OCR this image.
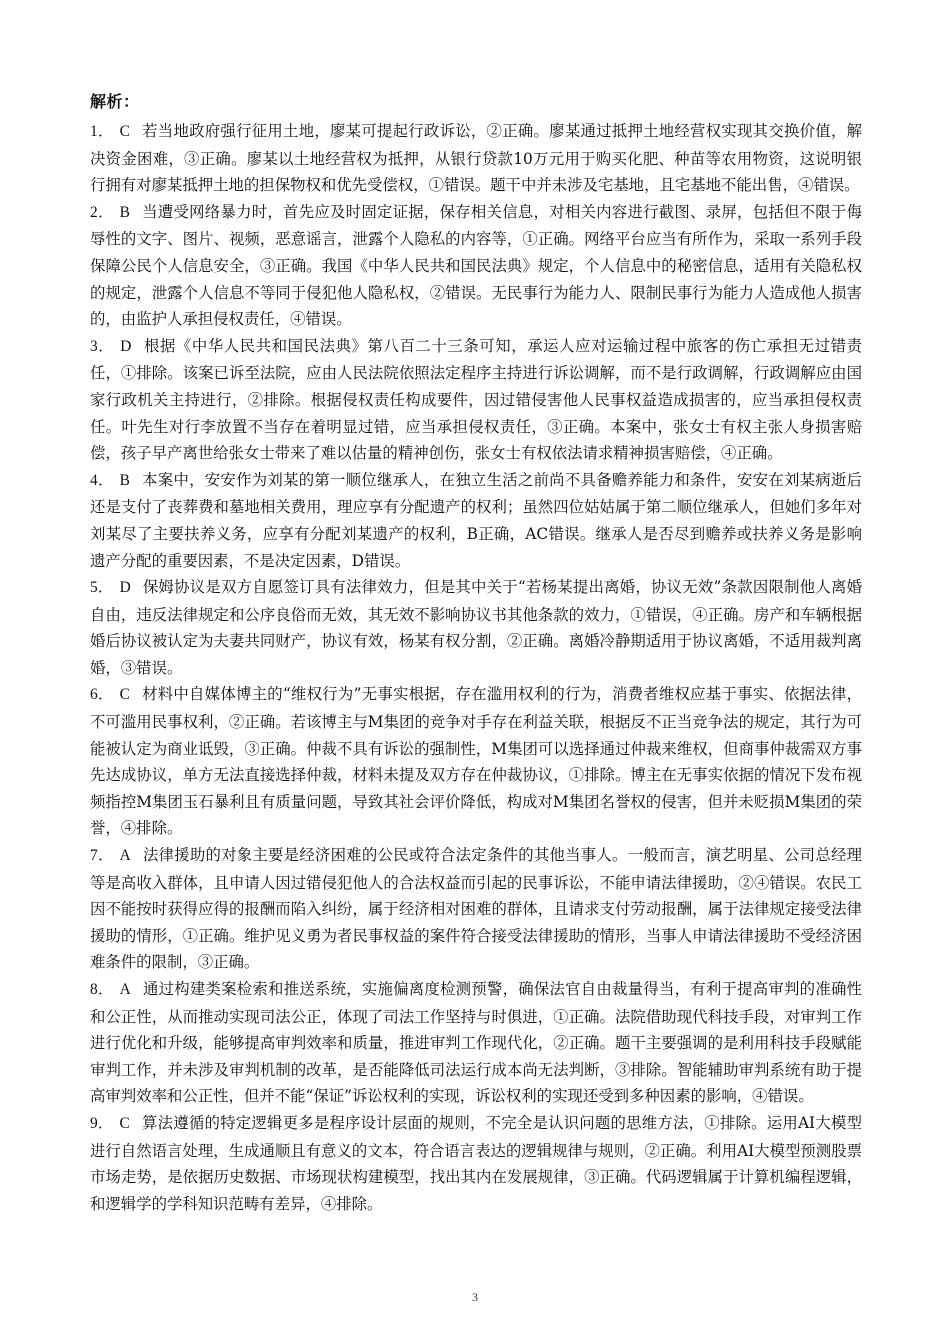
解析：

1． C 若当地政府强行征用土地，廖某可提起行政诉讼，②正确。廖某通过抵押土地经营权实现其交换价值，解决资金困难，③正确。廖某以土地经营权为抵押，从银行贷款10万元用于购买化肥、种苗等农用物资，这说明银行拥有对廖某抵押土地的担保物权和优先受偿权，①错误。题干中并未涉及宅基地，且宅基地不能出售，④错误。

2． B 当遭受网络暴力时，首先应及时固定证据，保存相关信息，对相关内容进行截图、录屏，包括但不限于侮辱性的文字、图片、视频，恶意谣言，泄露个人隐私的内容等，①正确。网络平台应当有所作为，采取一系列手段保障公民个人信息安全，③正确。我国《中华人民共和国民法典》规定，个人信息中的秘密信息，适用有关隐私权的规定，泄露个人信息不等同于侵犯他人隐私权，②错误。无民事行为能力人、限制民事行为能力人造成他人损害的，由监护人承担侵权责任，④错误。

3． D 根据《中华人民共和国民法典》第八百二十三条可知，承运人应对运输过程中旅客的伤亡承担无过错责任，①排除。该案已诉至法院，应由人民法院依照法定程序主持进行诉讼调解，而不是行政调解，行政调解应由国家行政机关主持进行，②排除。根据侵权责任构成要件，因过错侵害他人民事权益造成损害的，应当承担侵权责任。叶先生对行李放置不当存在着明显过错，应当承担侵权责任，③正确。本案中，张女士有权主张人身损害赔偿，孩子早产离世给张女士带来了难以估量的精神创伤，张女士有权依法请求精神损害赔偿，④正确。

4． B 本案中，安安作为刘某的第一顺位继承人，在独立生活之前尚不具备赡养能力和条件，安安在刘某病逝后还是支付了丧葬费和墓地相关费用，理应享有分配遗产的权利；虽然四位姑姑属于第二顺位继承人，但她们多年对刘某尽了主要扶养义务，应享有分配刘某遗产的权利，B正确，AC错误。继承人是否尽到赡养或扶养义务是影响遗产分配的重要因素，不是决定因素，D错误。

5． D 保姆协议是双方自愿签订具有法律效力，但是其中关于“若杨某提出离婚，协议无效”条款因限制他人离婚自由，违反法律规定和公序良俗而无效，其无效不影响协议书其他条款的效力，①错误，④正确。房产和车辆根据婚后协议被认定为夫妻共同财产，协议有效，杨某有权分割，②正确。离婚冷静期适用于协议离婚，不适用裁判离婚，③错误。

6． C 材料中自媒体博主的“维权行为”无事实根据，存在滥用权利的行为，消费者维权应基于事实、依据法律，不可滥用民事权利，②正确。若该博主与M集团的竞争对手存在利益关联，根据反不正当竞争法的规定，其行为可能被认定为商业诋毁，③正确。仲裁不具有诉讼的强制性，M集团可以选择通过仲裁来维权，但商事仲裁需双方事先达成协议，单方无法直接选择仲裁，材料未提及双方存在仲裁协议，①排除。博主在无事实依据的情况下发布视频指控M集团玉石暴利且有质量问题，导致其社会评价降低，构成对M集团名誉权的侵害，但并未贬损M集团的荣誉，④排除。

7． A 法律援助的对象主要是经济困难的公民或符合法定条件的其他当事人。一般而言，演艺明星、公司总经理等是高收入群体，且申请人因过错侵犯他人的合法权益而引起的民事诉讼，不能申请法律援助，②④错误。农民工因不能按时获得应得的报酬而陷入纠纷，属于经济相对困难的群体，且请求支付劳动报酬，属于法律规定接受法律援助的情形，①正确。维护见义勇为者民事权益的案件符合接受法律援助的情形，当事人申请法律援助不受经济困难条件的限制，③正确。

8． A 通过构建类案检索和推送系统，实施偏离度检测预警，确保法官自由裁量得当，有利于提高审判的准确性和公正性，从而推动实现司法公正，体现了司法工作坚持与时俱进，①正确。法院借助现代科技手段，对审判工作进行优化和升级，能够提高审判效率和质量，推进审判工作现代化，②正确。题干主要强调的是利用科技手段赋能审判工作，并未涉及审判机制的改革，是否能降低司法运行成本尚无法判断，③排除。智能辅助审判系统有助于提高审判效率和公正性，但并不能“保证”诉讼权利的实现，诉讼权利的实现还受到多种因素的影响，④错误。

9． C 算法遵循的特定逻辑更多是程序设计层面的规则，不完全是认识问题的思维方法，①排除。运用AI大模型进行自然语言处理，生成通顺且有意义的文本，符合语言表达的逻辑规律与规则，②正确。利用AI大模型预测股票市场走势，是依据历史数据、市场现状构建模型，找出其内在发展规律，③正确。代码逻辑属于计算机编程逻辑，和逻辑学的学科知识范畴有差异，④排除。

3
